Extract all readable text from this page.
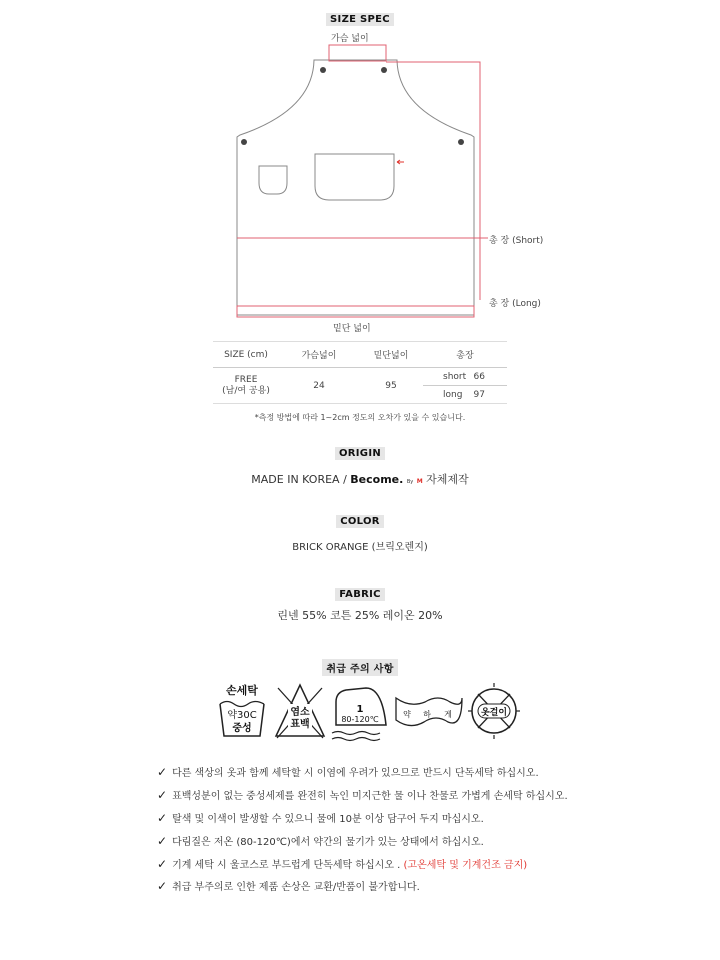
SIZE SPEC
가슴 넓이
총 장 (Short)
총 장 (Long)
밑단 넓이
SIZE (cm)	가슴넓이	밑단넓이	총장	

FREE
(남/여 공용)	24	95	short	66
			long	97
*측정 방법에 따라 1~2cm 정도의 오차가 있을 수 있습니다.
ORIGIN
MADE IN KOREA / Become. By M 자체제작
COLOR
BRICK ORANGE (브릭오렌지)
FABRIC
린넨 55% 코튼 25% 레이온 20%
취급 주의 사항
손세탁
약30C
중성
염소
표백
1
80-120℃
약 하 게	옷걸이
✓ 다른 색상의 옷과 함께 세탁할 시 이염에 우려가 있으므로 반드시 단독세탁 하십시오.
✓ 표백성분이 없는 중성세제를 완전히 녹인 미지근한 물 이나 찬물로 가볍게 손세탁 하십시오.
✓ 탈색 및 이색이 발생할 수 있으니 물에 10분 이상 담구어 두지 마십시오.
✓ 다림질은 저온 (80-120℃)에서 약간의 물기가 있는 상태에서 하십시오.
✓ 기계 세탁 시 울코스로 부드럽게 단독세탁 하십시오 . (고온세탁 및 기계건조 금지)
✓ 취급 부주의로 인한 제품 손상은 교환/반품이 불가합니다.
